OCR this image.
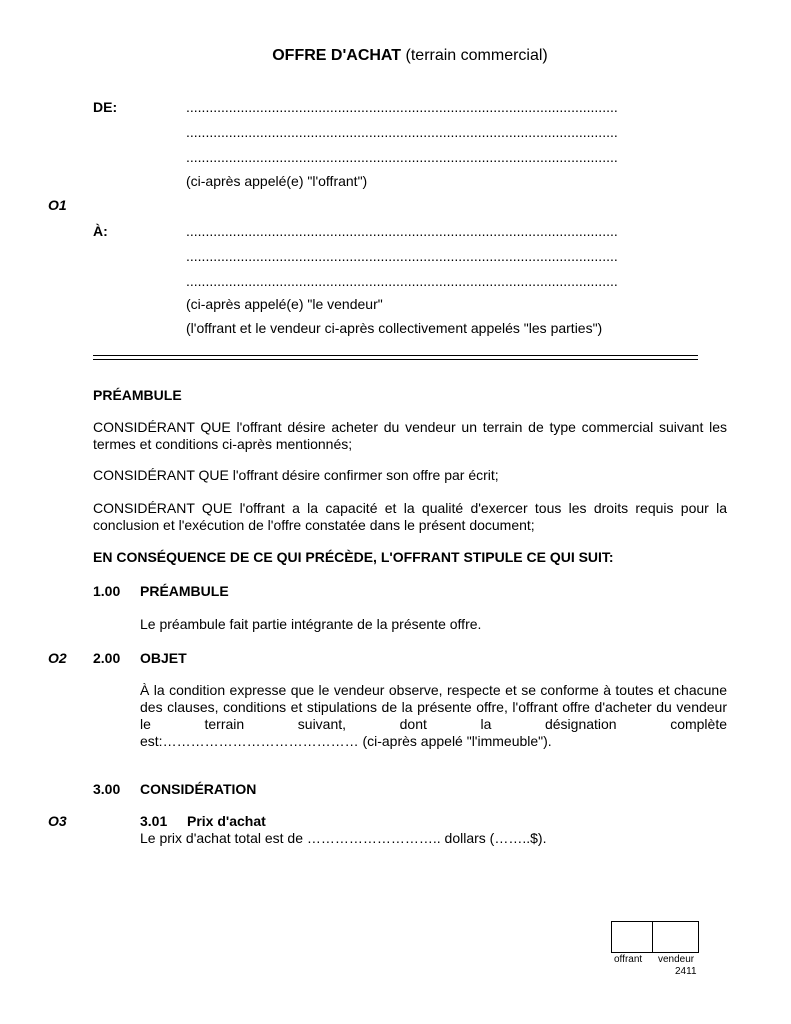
OFFRE D'ACHAT (terrain commercial)
DE:	...............................................................................................................
...............................................................................................................
...............................................................................................................
(ci-après appelé(e) "l'offrant")
O1
À:	...............................................................................................................
...............................................................................................................
...............................................................................................................
(ci-après appelé(e) "le vendeur"
(l'offrant et le vendeur ci-après collectivement appelés "les parties")
PRÉAMBULE
CONSIDÉRANT QUE l'offrant désire acheter du vendeur un terrain de type commercial suivant les termes et conditions ci-après mentionnés;
CONSIDÉRANT QUE l'offrant désire confirmer son offre par écrit;
CONSIDÉRANT QUE l'offrant a la capacité et la qualité d'exercer tous les droits requis pour la conclusion et l'exécution de l'offre constatée dans le présent document;
EN CONSÉQUENCE DE CE QUI PRÉCÈDE, L'OFFRANT STIPULE CE QUI SUIT:
1.00 PRÉAMBULE
Le préambule fait partie intégrante de la présente offre.
O2 2.00 OBJET
À la condition expresse que le vendeur observe, respecte et se conforme à toutes et chacune des clauses, conditions et stipulations de la présente offre, l'offrant offre d'acheter du vendeur le terrain suivant, dont la désignation complète
est:…………………………………… (ci-après appelé "l'immeuble").
3.00 CONSIDÉRATION
O3	3.01 Prix d'achat
Le prix d'achat total est de ……………………….. dollars (……..$).
offrant vendeur
2411
